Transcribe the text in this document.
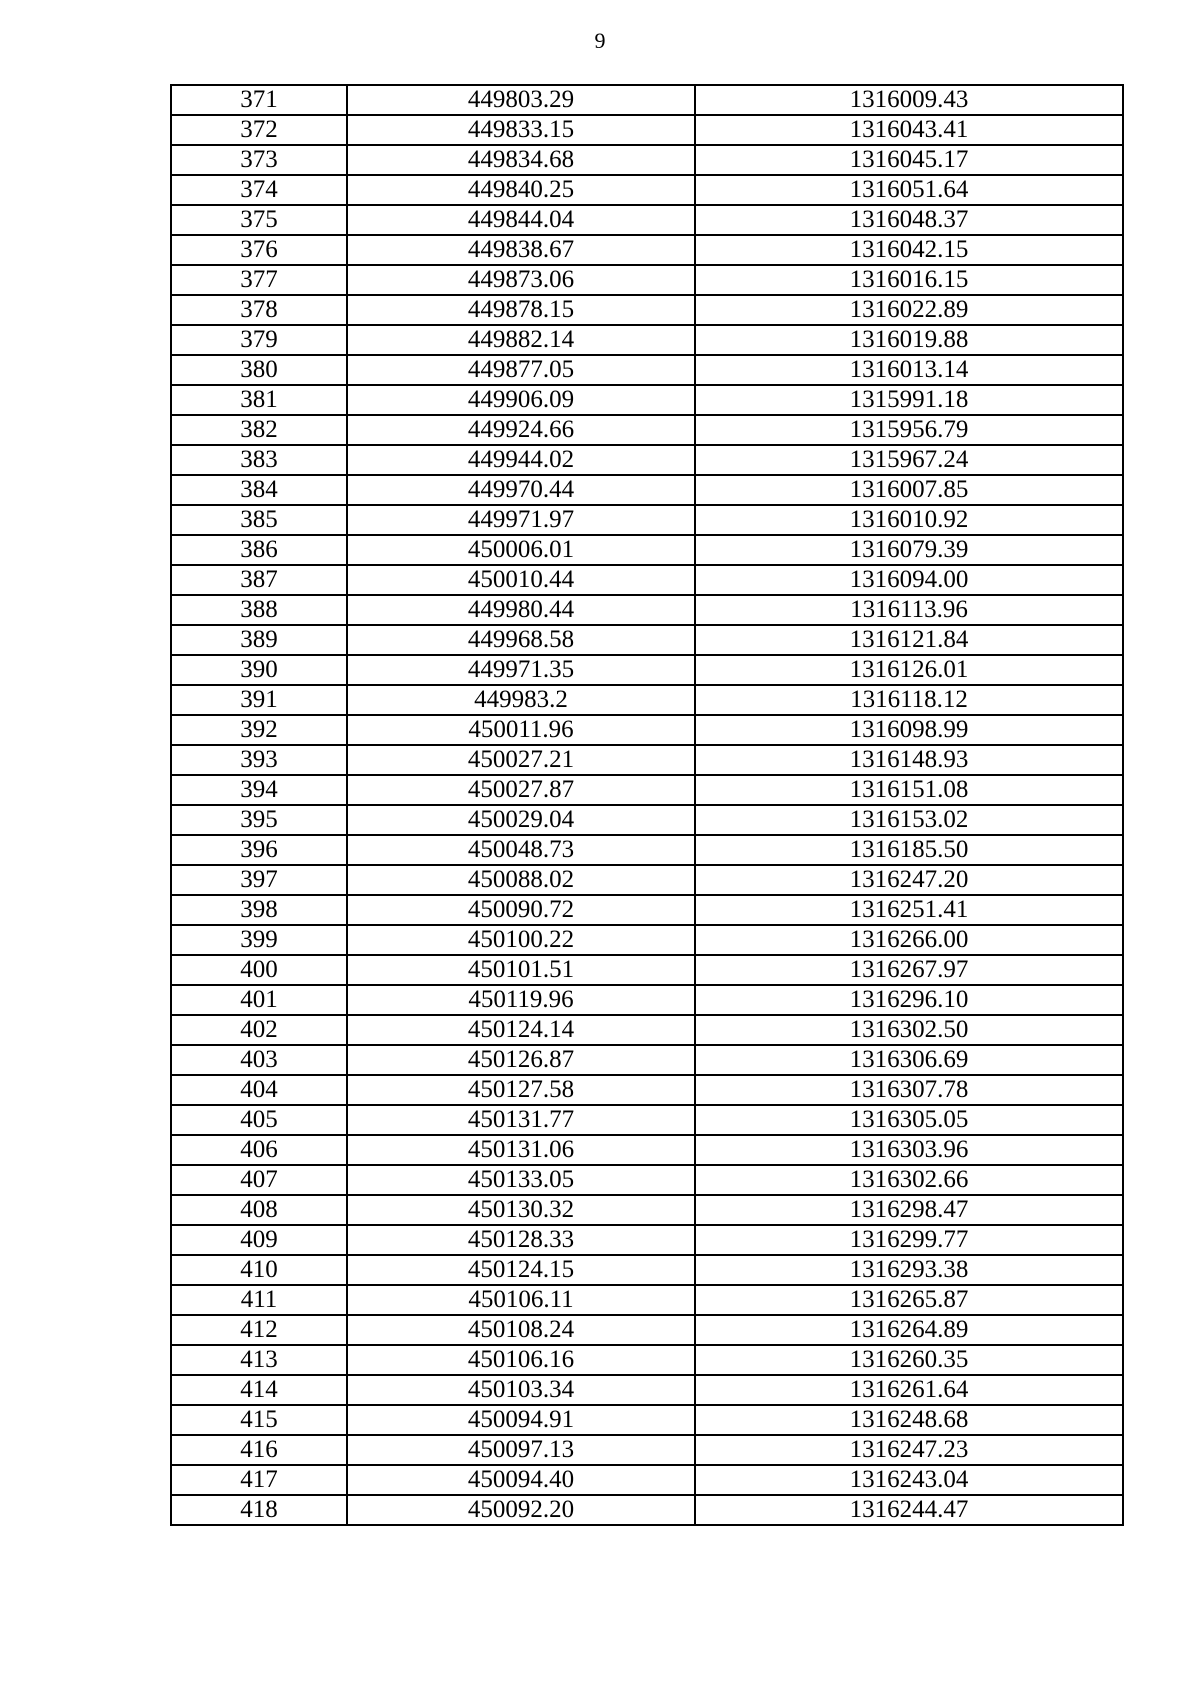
9
371	449803.29	1316009.43
372	449833.15	1316043.41
373	449834.68	1316045.17
374	449840.25	1316051.64
375	449844.04	1316048.37
376	449838.67	1316042.15
377	449873.06	1316016.15
378	449878.15	1316022.89
379	449882.14	1316019.88
380	449877.05	1316013.14
381	449906.09	1315991.18
382	449924.66	1315956.79
383	449944.02	1315967.24
384	449970.44	1316007.85
385	449971.97	1316010.92
386	450006.01	1316079.39
387	450010.44	1316094.00
388	449980.44	1316113.96
389	449968.58	1316121.84
390	449971.35	1316126.01
391	449983.2	1316118.12
392	450011.96	1316098.99
393	450027.21	1316148.93
394	450027.87	1316151.08
395	450029.04	1316153.02
396	450048.73	1316185.50
397	450088.02	1316247.20
398	450090.72	1316251.41
399	450100.22	1316266.00
400	450101.51	1316267.97
401	450119.96	1316296.10
402	450124.14	1316302.50
403	450126.87	1316306.69
404	450127.58	1316307.78
405	450131.77	1316305.05
406	450131.06	1316303.96
407	450133.05	1316302.66
408	450130.32	1316298.47
409	450128.33	1316299.77
410	450124.15	1316293.38
411	450106.11	1316265.87
412	450108.24	1316264.89
413	450106.16	1316260.35
414	450103.34	1316261.64
415	450094.91	1316248.68
416	450097.13	1316247.23
417	450094.40	1316243.04
418	450092.20	1316244.47
